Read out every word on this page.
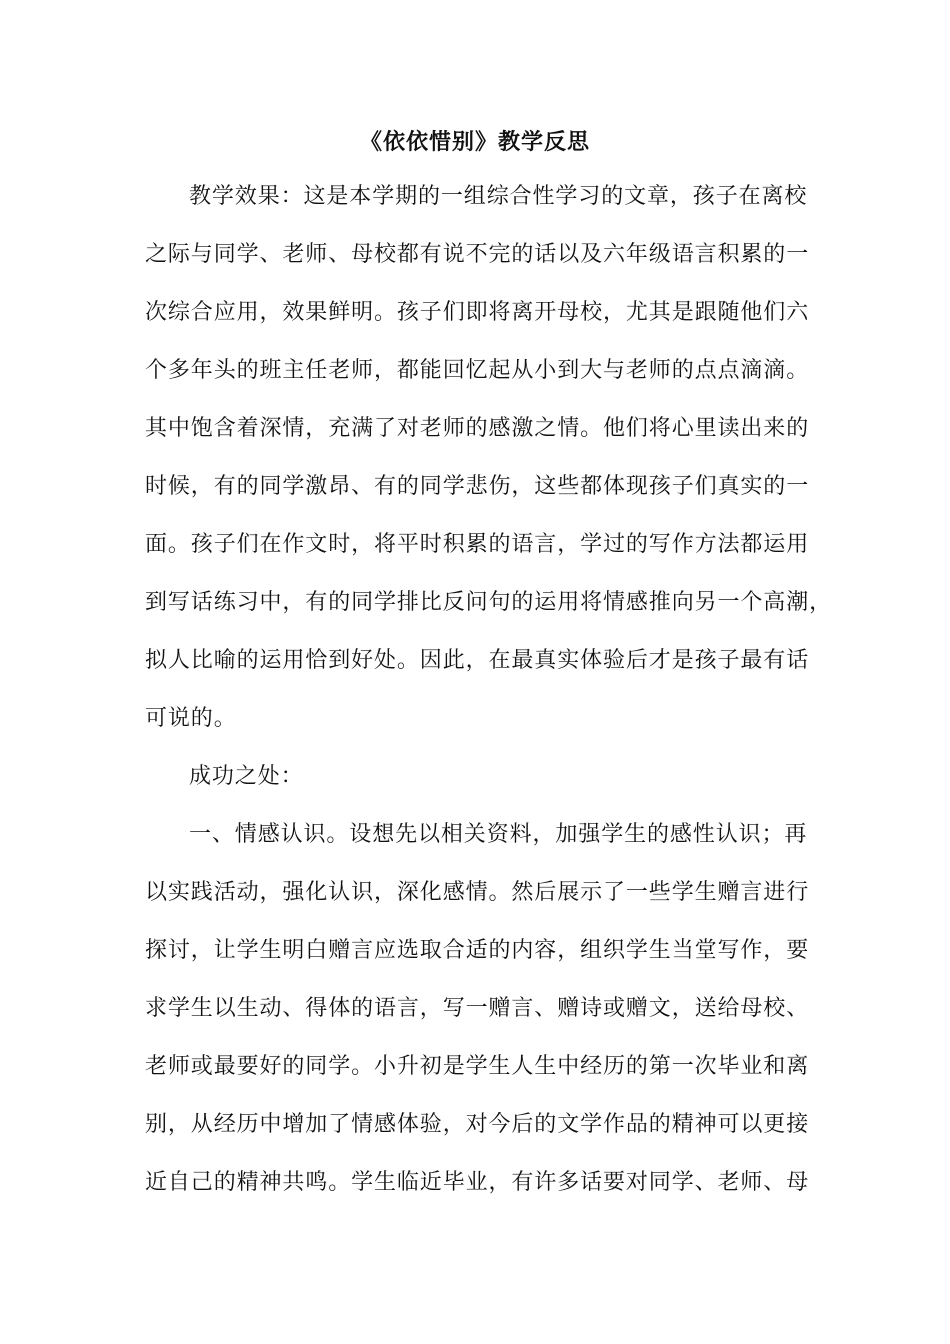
《依依惜别》教学反思
教学效果：这是本学期的一组综合性学习的文章，孩子在离校
之际与同学、老师、母校都有说不完的话以及六年级语言积累的一
次综合应用，效果鲜明。孩子们即将离开母校，尤其是跟随他们六
个多年头的班主任老师，都能回忆起从小到大与老师的点点滴滴。
其中饱含着深情，充满了对老师的感激之情。他们将心里读出来的
时候，有的同学激昂、有的同学悲伤，这些都体现孩子们真实的一
面。孩子们在作文时，将平时积累的语言，学过的写作方法都运用
到写话练习中，有的同学排比反问句的运用将情感推向另一个高潮，
拟人比喻的运用恰到好处。因此，在最真实体验后才是孩子最有话
可说的。
成功之处：
一、情感认识。设想先以相关资料，加强学生的感性认识；再
以实践活动，强化认识，深化感情。然后展示了一些学生赠言进行
探讨，让学生明白赠言应选取合适的内容，组织学生当堂写作，要
求学生以生动、得体的语言，写一赠言、赠诗或赠文，送给母校、
老师或最要好的同学。小升初是学生人生中经历的第一次毕业和离
别，从经历中增加了情感体验，对今后的文学作品的精神可以更接
近自己的精神共鸣。学生临近毕业，有许多话要对同学、老师、母
